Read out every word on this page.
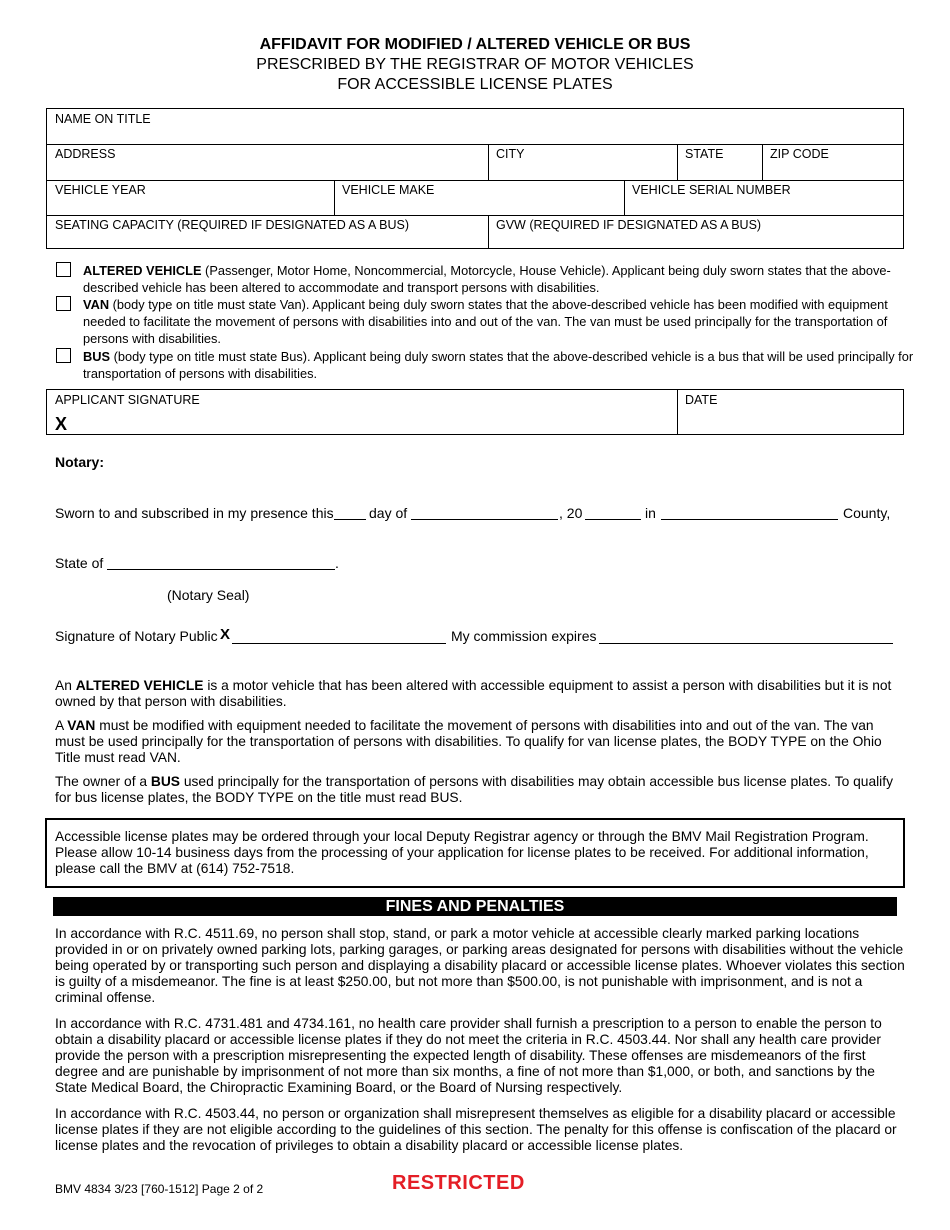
AFFIDAVIT FOR MODIFIED / ALTERED VEHICLE OR BUS
PRESCRIBED BY THE REGISTRAR OF MOTOR VEHICLES
FOR ACCESSIBLE LICENSE PLATES
NAME ON TITLE
ADDRESS	CITY	STATE	ZIP CODE
VEHICLE YEAR	VEHICLE MAKE	VEHICLE SERIAL NUMBER
SEATING CAPACITY (REQUIRED IF DESIGNATED AS A BUS)	GVW (REQUIRED IF DESIGNATED AS A BUS)
ALTERED VEHICLE (Passenger, Motor Home, Noncommercial, Motorcycle, House Vehicle). Applicant being duly sworn states that the above-described vehicle has been altered to accommodate and transport persons with disabilities.
VAN (body type on title must state Van). Applicant being duly sworn states that the above-described vehicle has been modified with equipment needed to facilitate the movement of persons with disabilities into and out of the van. The van must be used principally for the transportation of persons with disabilities.
BUS (body type on title must state Bus). Applicant being duly sworn states that the above-described vehicle is a bus that will be used principally for transportation of persons with disabilities.
APPLICANT SIGNATURE	DATE
X
Notary:
Sworn to and subscribed in my presence this	day of	, 20	in	County,
State of	.
(Notary Seal)
Signature of Notary Public X	My commission expires
An ALTERED VEHICLE is a motor vehicle that has been altered with accessible equipment to assist a person with disabilities but it is not owned by that person with disabilities.
A VAN must be modified with equipment needed to facilitate the movement of persons with disabilities into and out of the van. The van must be used principally for the transportation of persons with disabilities. To qualify for van license plates, the BODY TYPE on the Ohio Title must read VAN.
The owner of a BUS used principally for the transportation of persons with disabilities may obtain accessible bus license plates. To qualify for bus license plates, the BODY TYPE on the title must read BUS.
Accessible license plates may be ordered through your local Deputy Registrar agency or through the BMV Mail Registration Program. Please allow 10-14 business days from the processing of your application for license plates to be received. For additional information, please call the BMV at (614) 752-7518.
FINES AND PENALTIES
In accordance with R.C. 4511.69, no person shall stop, stand, or park a motor vehicle at accessible clearly marked parking locations provided in or on privately owned parking lots, parking garages, or parking areas designated for persons with disabilities without the vehicle being operated by or transporting such person and displaying a disability placard or accessible license plates. Whoever violates this section is guilty of a misdemeanor. The fine is at least $250.00, but not more than $500.00, is not punishable with imprisonment, and is not a criminal offense.
In accordance with R.C. 4731.481 and 4734.161, no health care provider shall furnish a prescription to a person to enable the person to obtain a disability placard or accessible license plates if they do not meet the criteria in R.C. 4503.44. Nor shall any health care provider provide the person with a prescription misrepresenting the expected length of disability. These offenses are misdemeanors of the first degree and are punishable by imprisonment of not more than six months, a fine of not more than $1,000, or both, and sanctions by the State Medical Board, the Chiropractic Examining Board, or the Board of Nursing respectively.
In accordance with R.C. 4503.44, no person or organization shall misrepresent themselves as eligible for a disability placard or accessible license plates if they are not eligible according to the guidelines of this section. The penalty for this offense is confiscation of the placard or license plates and the revocation of privileges to obtain a disability placard or accessible license plates.
BMV 4834 3/23 [760-1512] Page 2 of 2	RESTRICTED
